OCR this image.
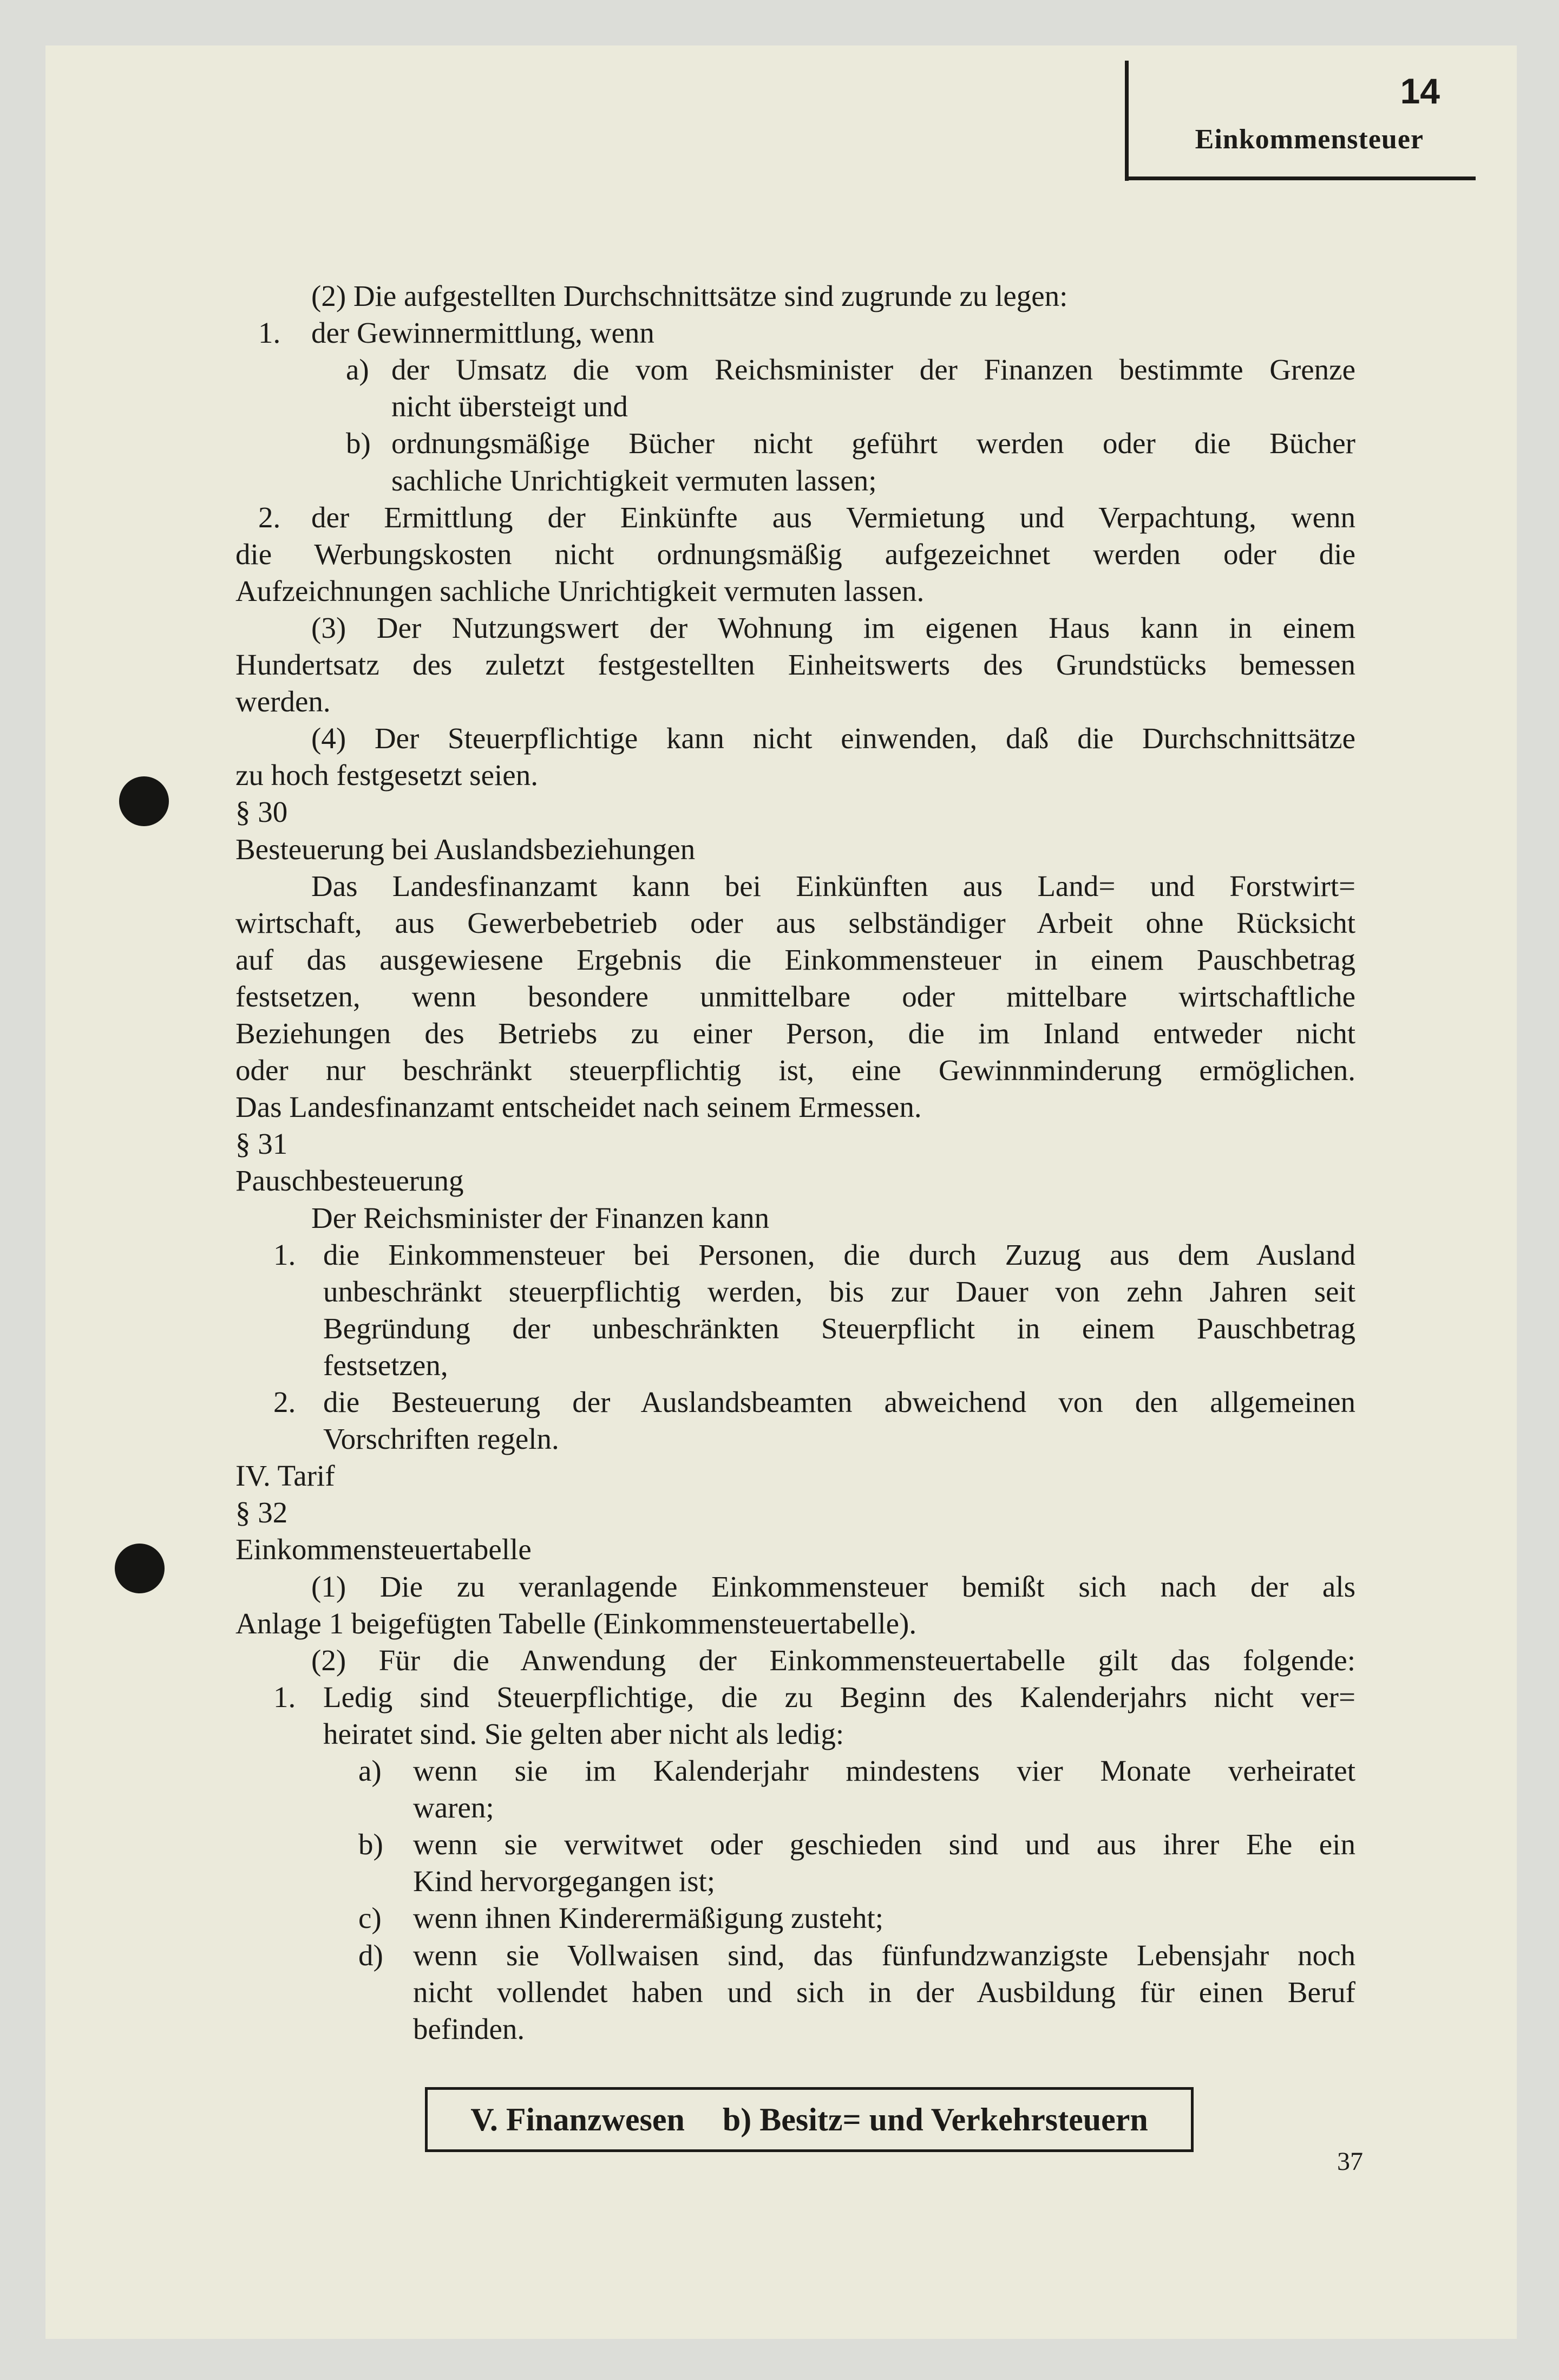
14
Einkommensteuer
(2) Die aufgestellten Durchschnittsätze sind zugrunde zu legen:
der Gewinnermittlung, wenn
1.
der Umsatz die vom Reichsminister der Finanzen bestimmte Grenze
a)
nicht übersteigt und
ordnungsmäßige Bücher nicht geführt werden oder die Bücher
b)
sachliche Unrichtigkeit vermuten lassen;
der Ermittlung der Einkünfte aus Vermietung und Verpachtung, wenn
2.
die Werbungskosten nicht ordnungsmäßig aufgezeichnet werden oder die
Aufzeichnungen sachliche Unrichtigkeit vermuten lassen.
(3) Der Nutzungswert der Wohnung im eigenen Haus kann in einem
Hundertsatz des zuletzt festgestellten Einheitswerts des Grundstücks bemessen
werden.
(4) Der Steuerpflichtige kann nicht einwenden, daß die Durchschnittsätze
zu hoch festgesetzt seien.
§ 30
Besteuerung bei Auslandsbeziehungen
Das Landesfinanzamt kann bei Einkünften aus Land= und Forstwirt=
wirtschaft, aus Gewerbebetrieb oder aus selbständiger Arbeit ohne Rücksicht
auf das ausgewiesene Ergebnis die Einkommensteuer in einem Pauschbetrag
festsetzen, wenn besondere unmittelbare oder mittelbare wirtschaftliche
Beziehungen des Betriebs zu einer Person, die im Inland entweder nicht
oder nur beschränkt steuerpflichtig ist, eine Gewinnminderung ermöglichen.
Das Landesfinanzamt entscheidet nach seinem Ermessen.
§ 31
Pauschbesteuerung
Der Reichsminister der Finanzen kann
die Einkommensteuer bei Personen, die durch Zuzug aus dem Ausland
1.
unbeschränkt steuerpflichtig werden, bis zur Dauer von zehn Jahren seit
Begründung der unbeschränkten Steuerpflicht in einem Pauschbetrag
festsetzen,
die Besteuerung der Auslandsbeamten abweichend von den allgemeinen
2.
Vorschriften regeln.
IV. Tarif
§ 32
Einkommensteuertabelle
(1) Die zu veranlagende Einkommensteuer bemißt sich nach der als
Anlage 1 beigefügten Tabelle (Einkommensteuertabelle).
(2) Für die Anwendung der Einkommensteuertabelle gilt das folgende:
Ledig sind Steuerpflichtige, die zu Beginn des Kalenderjahrs nicht ver=
1.
heiratet sind. Sie gelten aber nicht als ledig:
wenn sie im Kalenderjahr mindestens vier Monate verheiratet
a)
waren;
wenn sie verwitwet oder geschieden sind und aus ihrer Ehe ein
b)
Kind hervorgegangen ist;
wenn ihnen Kinderermäßigung zusteht;
c)
wenn sie Vollwaisen sind, das fünfundzwanzigste Lebensjahr noch
d)
nicht vollendet haben und sich in der Ausbildung für einen Beruf
befinden.
V. Finanzwesen b) Besitz= und Verkehrsteuern
37
